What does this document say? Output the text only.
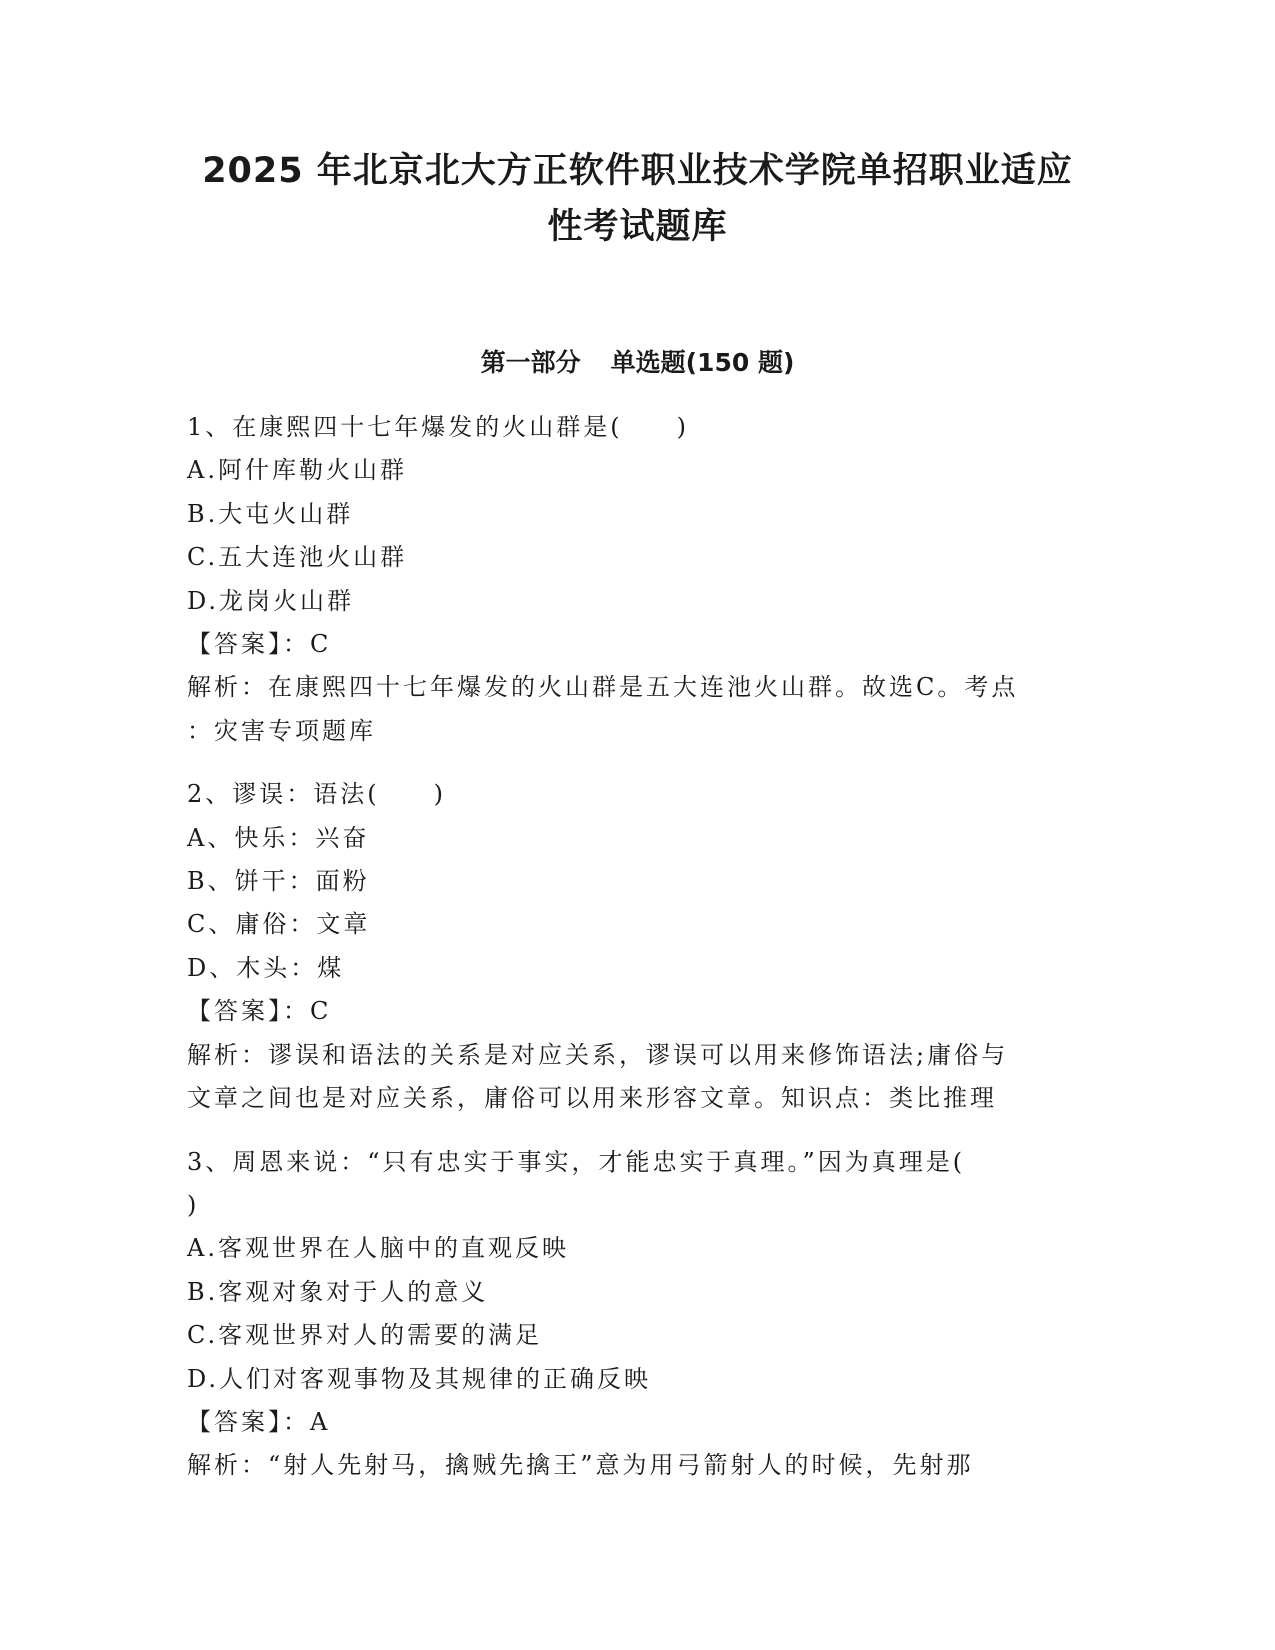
2025 年北京北大方正软件职业技术学院单招职业适应
性考试题库
第一部分 单选题(150 题)

1、在康熙四十七年爆发的火山群是(　　)

A.阿什库勒火山群

B.大屯火山群

C.五大连池火山群

D.龙岗火山群

【答案】：C

解析：在康熙四十七年爆发的火山群是五大连池火山群。故选C。考点

：灾害专项题库

2、谬误：语法(　　)

A、快乐：兴奋

B、饼干：面粉

C、庸俗：文章

D、木头：煤

【答案】：C

解析：谬误和语法的关系是对应关系，谬误可以用来修饰语法;庸俗与

文章之间也是对应关系，庸俗可以用来形容文章。知识点：类比推理

3、周恩来说：“只有忠实于事实，才能忠实于真理。”因为真理是(

)

A.客观世界在人脑中的直观反映

B.客观对象对于人的意义

C.客观世界对人的需要的满足

D.人们对客观事物及其规律的正确反映

【答案】：A

解析：“射人先射马，擒贼先擒王”意为用弓箭射人的时候，先射那
